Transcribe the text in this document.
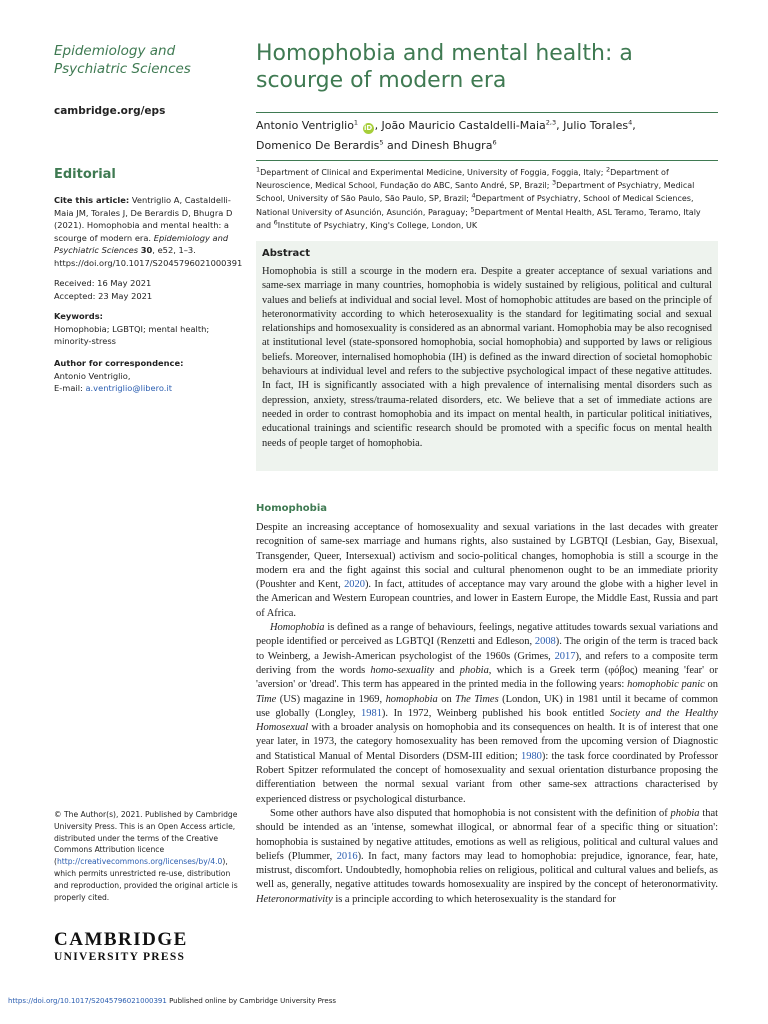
Epidemiology and Psychiatric Sciences
cambridge.org/eps
Editorial
Cite this article: Ventriglio A, Castaldelli-Maia JM, Torales J, De Berardis D, Bhugra D (2021). Homophobia and mental health: a scourge of modern era. Epidemiology and Psychiatric Sciences 30, e52, 1–3. https://doi.org/10.1017/S2045796021000391
Received: 16 May 2021
Accepted: 23 May 2021
Keywords:
Homophobia; LGBTQI; mental health; minority-stress
Author for correspondence:
Antonio Ventriglio,
E-mail: a.ventriglio@libero.it
© The Author(s), 2021. Published by Cambridge University Press. This is an Open Access article, distributed under the terms of the Creative Commons Attribution licence (http://creativecommons.org/licenses/by/4.0), which permits unrestricted re-use, distribution and reproduction, provided the original article is properly cited.
CAMBRIDGE
UNIVERSITY PRESS
Homophobia and mental health: a scourge of modern era
Antonio Ventriglio$^1$ iD , João Mauricio Castaldelli-Maia$^{2,3}$, Julio Torales$^4$,
Domenico De Berardis$^5$ and Dinesh Bhugra$^6$
$^1$Department of Clinical and Experimental Medicine, University of Foggia, Foggia, Italy; $^2$Department of Neuroscience, Medical School, Fundação do ABC, Santo André, SP, Brazil; $^3$Department of Psychiatry, Medical School, University of São Paulo, São Paulo, SP, Brazil; $^4$Department of Psychiatry, School of Medical Sciences, National University of Asunción, Asunción, Paraguay; $^5$Department of Mental Health, ASL Teramo, Teramo, Italy and $^6$Institute of Psychiatry, King's College, London, UK
Abstract
Homophobia is still a scourge in the modern era. Despite a greater acceptance of sexual variations and same-sex marriage in many countries, homophobia is widely sustained by religious, political and cultural values and beliefs at individual and social level. Most of homophobic attitudes are based on the principle of heteronormativity according to which heterosexuality is the standard for legitimating social and sexual relationships and homosexuality is considered as an abnormal variant. Homophobia may be also recognised at institutional level (state-sponsored homophobia, social homophobia) and supported by laws or religious beliefs. Moreover, internalised homophobia (IH) is defined as the inward direction of societal homophobic behaviours at individual level and refers to the subjective psychological impact of these negative attitudes. In fact, IH is significantly associated with a high prevalence of internalising mental disorders such as depression, anxiety, stress/trauma-related disorders, etc. We believe that a set of immediate actions are needed in order to contrast homophobia and its impact on mental health, in particular political initiatives, educational trainings and scientific research should be promoted with a specific focus on mental health needs of people target of homophobia.
Homophobia

Despite an increasing acceptance of homosexuality and sexual variations in the last decades with greater recognition of same-sex marriage and humans rights, also sustained by LGBTQI (Lesbian, Gay, Bisexual, Transgender, Queer, Intersexual) activism and socio-political changes, homophobia is still a scourge in the modern era and the fight against this social and cultural phenomenon ought to be an immediate priority (Poushter and Kent, 2020). In fact, attitudes of acceptance may vary around the globe with a higher level in the American and Western European countries, and lower in Eastern Europe, the Middle East, Russia and part of Africa.

Homophobia is defined as a range of behaviours, feelings, negative attitudes towards sexual variations and people identified or perceived as LGBTQI (Renzetti and Edleson, 2008). The origin of the term is traced back to Weinberg, a Jewish-American psychologist of the 1960s (Grimes, 2017), and refers to a composite term deriving from the words homo-sexuality and phobia, which is a Greek term (φόβος) meaning 'fear' or 'aversion' or 'dread'. This term has appeared in the printed media in the following years: homophobic panic on Time (US) magazine in 1969, homophobia on The Times (London, UK) in 1981 until it became of common use globally (Longley, 1981). In 1972, Weinberg published his book entitled Society and the Healthy Homosexual with a broader analysis on homophobia and its consequences on health. It is of interest that one year later, in 1973, the category homosexuality has been removed from the upcoming version of Diagnostic and Statistical Manual of Mental Disorders (DSM-III edition; 1980): the task force coordinated by Professor Robert Spitzer reformulated the concept of homosexuality and sexual orientation disturbance proposing the differentiation between the normal sexual variant from other same-sex attractions characterised by experienced distress or psychological disturbance.

Some other authors have also disputed that homophobia is not consistent with the definition of phobia that should be intended as an 'intense, somewhat illogical, or abnormal fear of a specific thing or situation': homophobia is sustained by negative attitudes, emotions as well as religious, political and cultural values and beliefs (Plummer, 2016). In fact, many factors may lead to homophobia: prejudice, ignorance, fear, hate, mistrust, discomfort. Undoubtedly, homophobia relies on religious, political and cultural values and beliefs, as well as, generally, negative attitudes towards homosexuality are inspired by the concept of heteronormativity. Heteronormativity is a principle according to which heterosexuality is the standard for

https://doi.org/10.1017/S2045796021000391 Published online by Cambridge University Press
